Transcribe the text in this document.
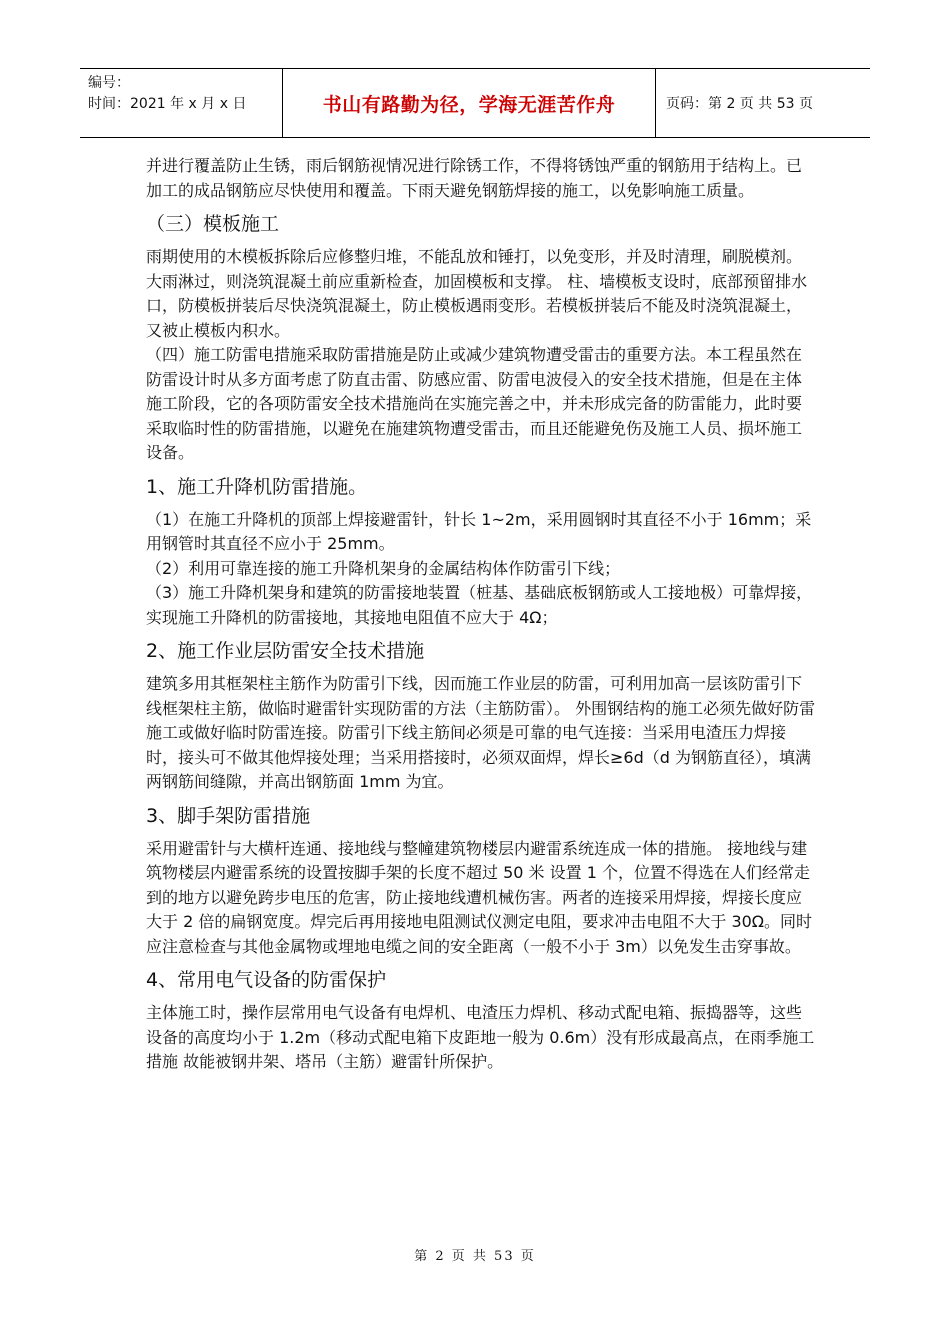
编号：
时间：2021 年 x 月 x 日	书山有路勤为径，学海无涯苦作舟	页码：第 2 页 共 53 页

并进行覆盖防止生锈，雨后钢筋视情况进行除锈工作，不得将锈蚀严重的钢筋用于结构上。已加工的成品钢筋应尽快使用和覆盖。下雨天避免钢筋焊接的施工，以免影响施工质量。

（三）模板施工

雨期使用的木模板拆除后应修整归堆，不能乱放和锤打，以免变形，并及时清理，刷脱模剂。

大雨淋过，则浇筑混凝土前应重新检查，加固模板和支撑。 柱、墙模板支设时，底部预留排水口，防模板拼装后尽快浇筑混凝土，防止模板遇雨变形。若模板拼装后不能及时浇筑混凝土，又被止模板内积水。

（四）施工防雷电措施采取防雷措施是防止或减少建筑物遭受雷击的重要方法。本工程虽然在防雷设计时从多方面考虑了防直击雷、防感应雷、防雷电波侵入的安全技术措施，但是在主体施工阶段，它的各项防雷安全技术措施尚在实施完善之中，并未形成完备的防雷能力，此时要采取临时性的防雷措施，以避免在施建筑物遭受雷击，而且还能避免伤及施工人员、损坏施工设备。

1、施工升降机防雷措施。

（1）在施工升降机的顶部上焊接避雷针，针长 1~2m，采用圆钢时其直径不小于 16mm；采用钢管时其直径不应小于 25mm。

（2）利用可靠连接的施工升降机架身的金属结构体作防雷引下线；

（3）施工升降机架身和建筑的防雷接地装置（桩基、基础底板钢筋或人工接地极）可靠焊接，实现施工升降机的防雷接地，其接地电阻值不应大于 4Ω；

2、施工作业层防雷安全技术措施

建筑多用其框架柱主筋作为防雷引下线，因而施工作业层的防雷，可利用加高一层该防雷引下线框架柱主筋，做临时避雷针实现防雷的方法（主筋防雷）。 外围钢结构的施工必须先做好防雷施工或做好临时防雷连接。防雷引下线主筋间必须是可靠的电气连接：当采用电渣压力焊接时，接头可不做其他焊接处理；当采用搭接时，必须双面焊，焊长≥6d（d 为钢筋直径），填满两钢筋间缝隙，并高出钢筋面 1mm 为宜。

3、脚手架防雷措施

采用避雷针与大横杆连通、接地线与整幢建筑物楼层内避雷系统连成一体的措施。 接地线与建筑物楼层内避雷系统的设置按脚手架的长度不超过 50 米 设置 1 个，位置不得选在人们经常走到的地方以避免跨步电压的危害，防止接地线遭机械伤害。两者的连接采用焊接，焊接长度应大于 2 倍的扁钢宽度。焊完后再用接地电阻测试仪测定电阻，要求冲击电阻不大于 30Ω。同时应注意检查与其他金属物或埋地电缆之间的安全距离（一般不小于 3m）以免发生击穿事故。

4、常用电气设备的防雷保护

主体施工时，操作层常用电气设备有电焊机、电渣压力焊机、移动式配电箱、振捣器等，这些设备的高度均小于 1.2m（移动式配电箱下皮距地一般为 0.6m）没有形成最高点，在雨季施工措施 故能被钢井架、塔吊（主筋）避雷针所保护。

第 2 页 共 53 页
